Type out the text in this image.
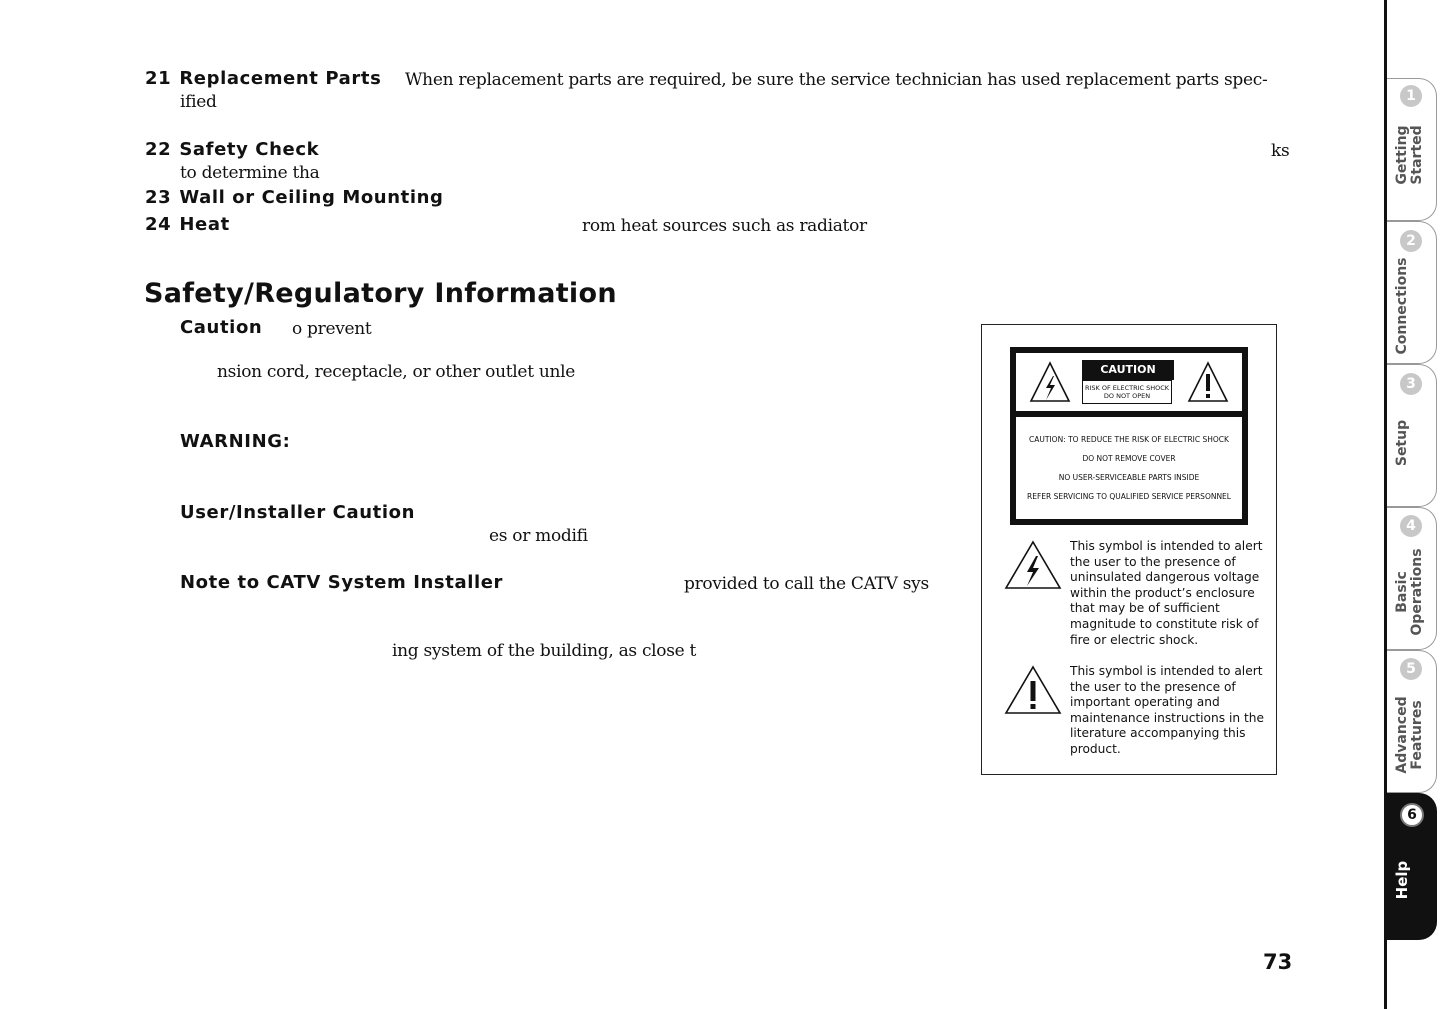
21 Replacement Parts When replacement parts are required, be sure the service technician has used replacement parts spec-
ified
22 Safety Check	ks
to determine tha
23 Wall or Ceiling Mounting
24 Heat	rom heat sources such as radiator
Safety/Regulatory Information
Caution o prevent
nsion cord, receptacle, or other outlet unle
WARNING:
User/Installer Caution
es or modifi
Note to CATV System Installer	provided to call the CATV sys
ing system of the building, as close t
CAUTION
RISK OF ELECTRIC SHOCK
DO NOT OPEN
CAUTION: TO REDUCE THE RISK OF ELECTRIC SHOCK
DO NOT REMOVE COVER
NO USER-SERVICEABLE PARTS INSIDE
REFER SERVICING TO QUALIFIED SERVICE PERSONNEL
This symbol is intended to alert the user to the presence of uninsulated dangerous voltage within the product’s enclosure that may be of sufficient magnitude to constitute risk of fire or electric shock.
This symbol is intended to alert the user to the presence of important operating and maintenance instructions in the literature accompanying this product.
73
1
Getting Started
2
Connections
3
Setup
4
Basic Operations
5
Advanced Features
6
Help
